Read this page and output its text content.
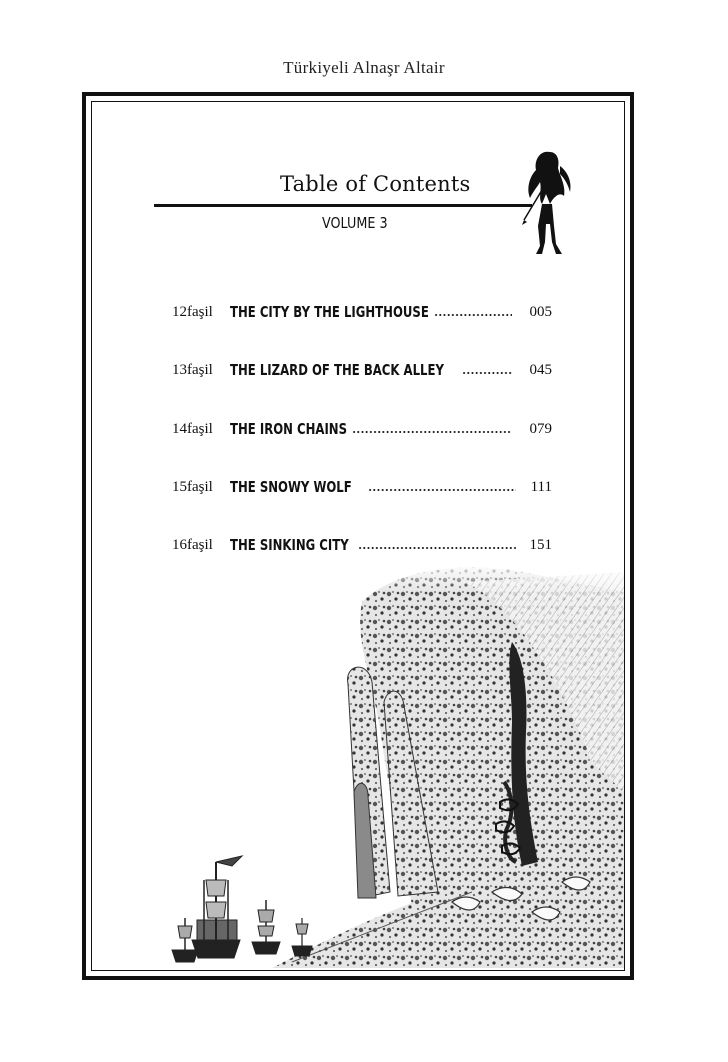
Türkiyeli Alnaşr Altair
Table of Contents
VOLUME 3
12faşil THE CITY BY THE LIGHTHOUSE	005
13faşil THE LIZARD OF THE BACK ALLEY	045
14faşil THE IRON CHAINS	079
15faşil THE SNOWY WOLF	111
16faşil THE SINKING CITY	151
